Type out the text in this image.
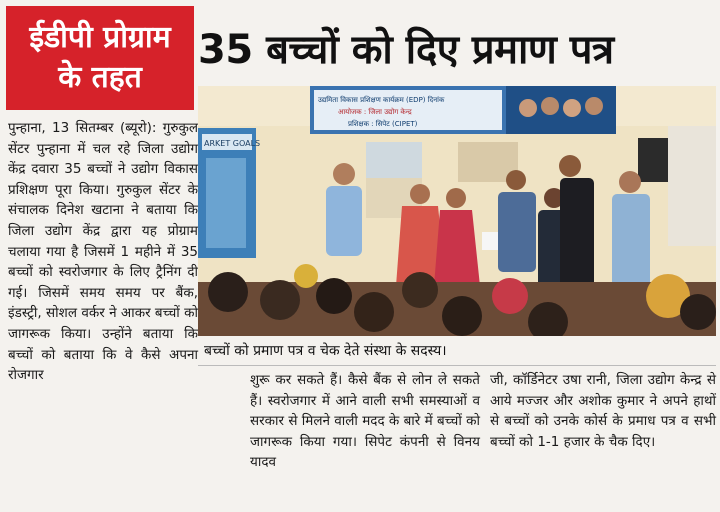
ईडीपी प्रोग्राम
के तहत
35 बच्चों को दिए प्रमाण पत्र
पुन्हाना, 13 सितम्बर (ब्यूरो): गुरुकुल सेंटर पुन्हाना में चल रहे जिला उद्योग केंद्र दवारा 35 बच्चों ने उद्योग विकास प्रशिक्षण पूरा किया। गुरुकुल सेंटर के संचालक दिनेश खटाना ने बताया कि जिला उद्योग केंद्र द्वारा यह प्रोग्राम चलाया गया है जिसमें 1 महीने में 35 बच्चों को स्वरोजगार के लिए ट्रैनिंग दी गई। जिसमें समय समय पर बैंक, इंडस्ट्री, सोशल वर्कर ने आकर बच्चों को जागरूक किया। उन्होंने बताया कि बच्चों को बताया कि वे कैसे अपना रोजगार
ARKET GOALS
उद्यमिता विकास प्रशिक्षण कार्यक्रम (EDP) दिनांक
आयोजक : जिला उद्योग केन्द्र
प्रशिक्षक : सिपेट (CIPET)
बच्चों को प्रमाण पत्र व चेक देते संस्था के सदस्य।
शुरू कर सकते हैं। कैसे बैंक से लोन ले सकते हैं। स्वरोजगार में आने वाली सभी समस्याओं व सरकार से मिलने वाली मदद के बारे में बच्चों को जागरूक किया गया। सिपेट कंपनी से विनय यादव
जी, कॉर्डिनेटर उषा रानी, जिला उद्योग केन्द्र से आये मज्जर और अशोक कुमार ने अपने हाथों से बच्चों को उनके कोर्स के प्रमाध पत्र व सभी बच्चों को 1-1 हजार के चैक दिए।
